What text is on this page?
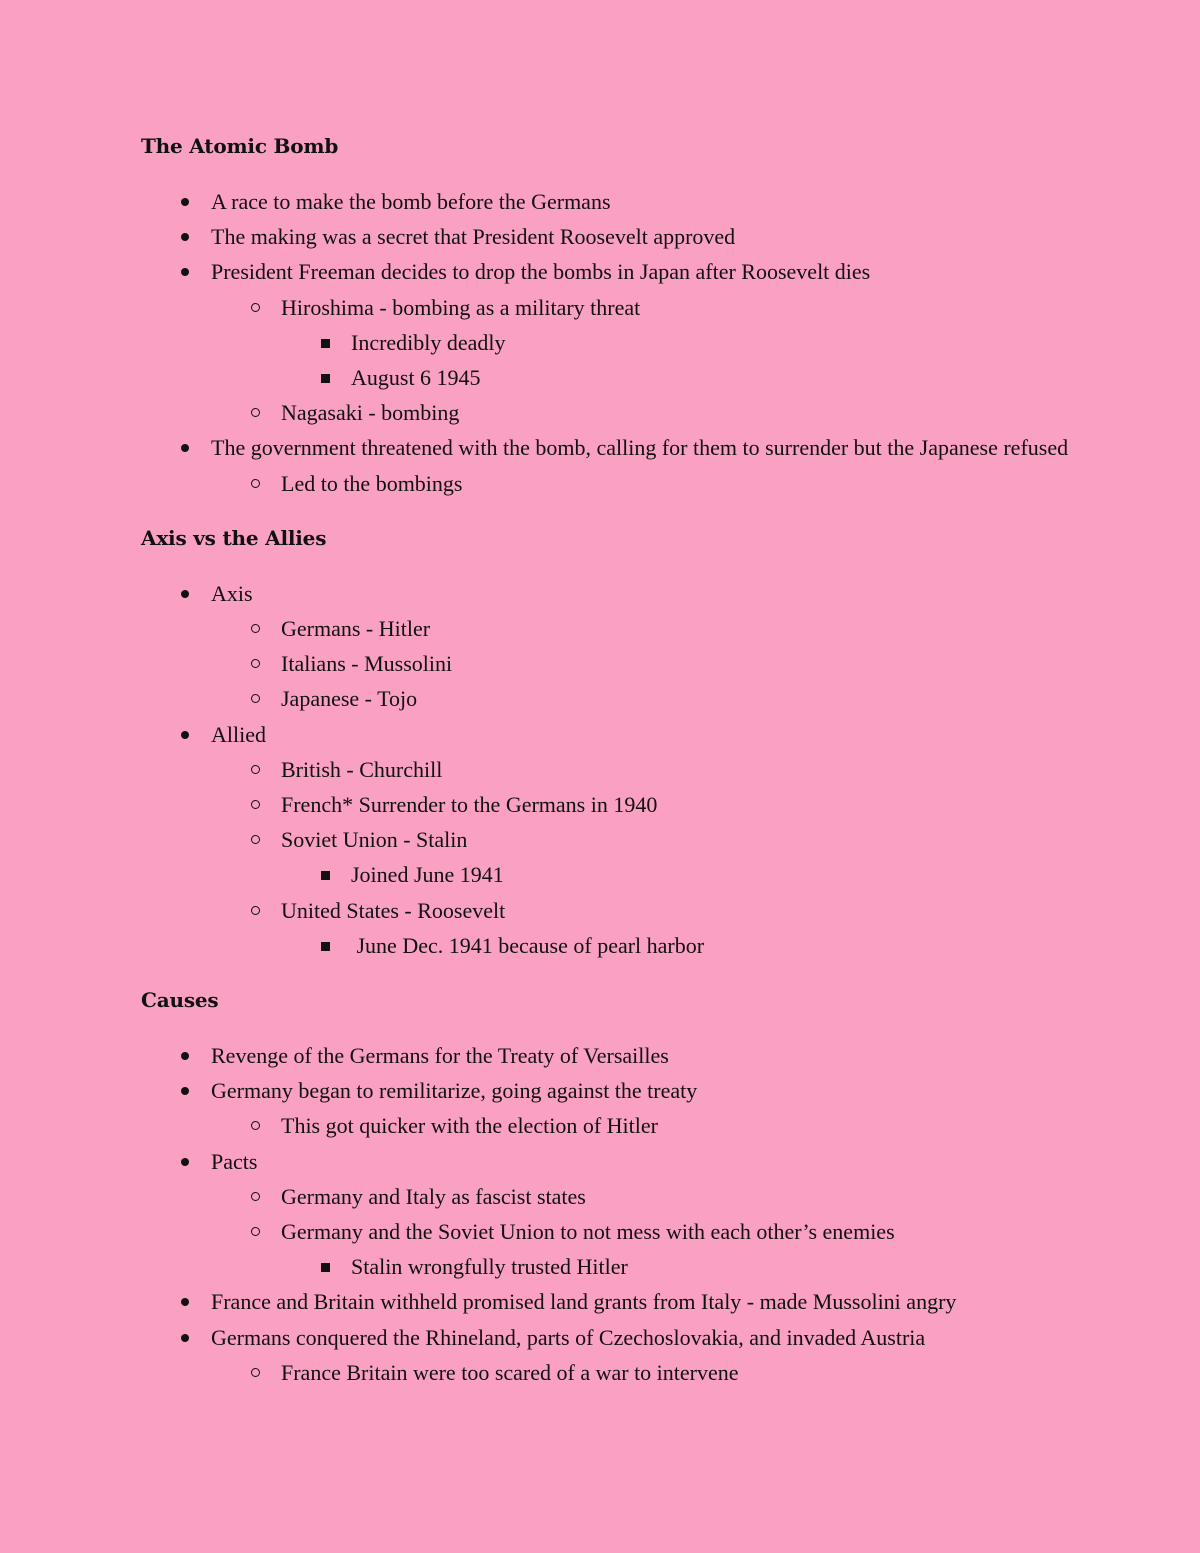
The Atomic Bomb
A race to make the bomb before the Germans
The making was a secret that President Roosevelt approved
President Freeman decides to drop the bombs in Japan after Roosevelt dies
Hiroshima - bombing as a military threat
Incredibly deadly
August 6 1945
Nagasaki - bombing
The government threatened with the bomb, calling for them to surrender but the Japanese refused
Led to the bombings
Axis vs the Allies
Axis
Germans - Hitler
Italians - Mussolini
Japanese - Tojo
Allied
British - Churchill
French* Surrender to the Germans in 1940
Soviet Union - Stalin
Joined June 1941
United States - Roosevelt
June Dec. 1941 because of pearl harbor
Causes
Revenge of the Germans for the Treaty of Versailles
Germany began to remilitarize, going against the treaty
This got quicker with the election of Hitler
Pacts
Germany and Italy as fascist states
Germany and the Soviet Union to not mess with each other’s enemies
Stalin wrongfully trusted Hitler
France and Britain withheld promised land grants from Italy - made Mussolini angry
Germans conquered the Rhineland, parts of Czechoslovakia, and invaded Austria
France Britain were too scared of a war to intervene
